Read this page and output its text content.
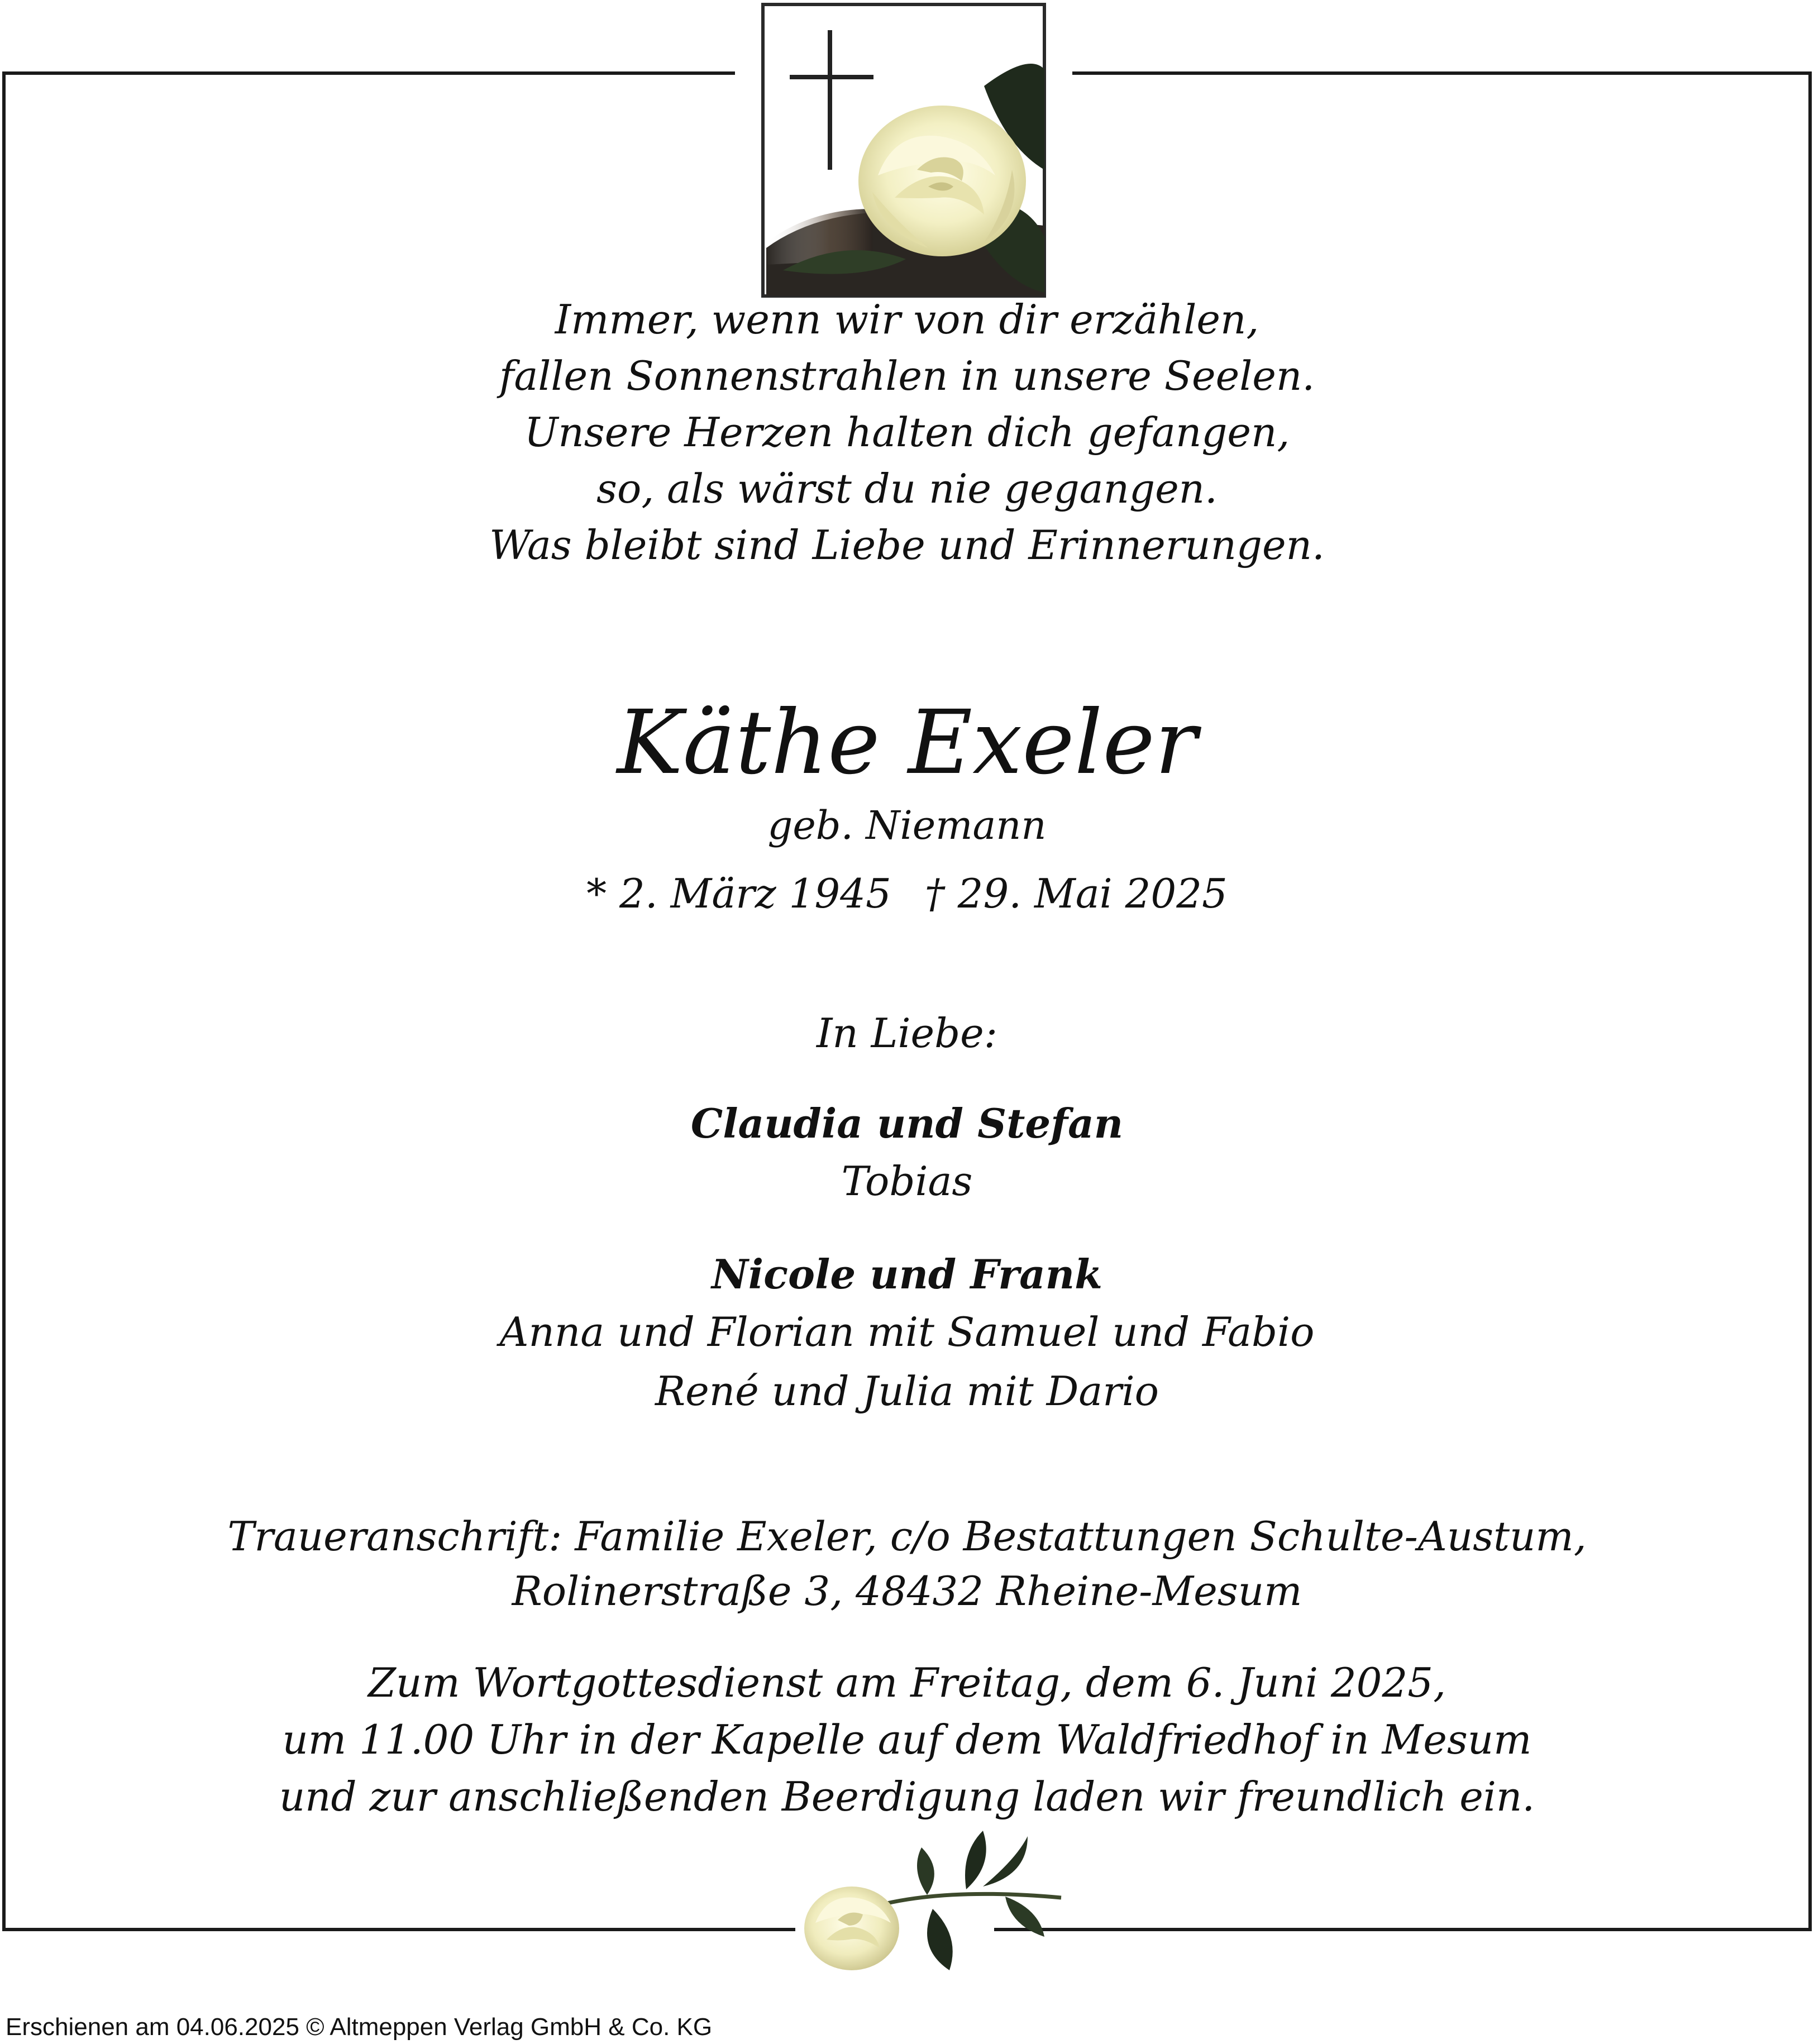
Immer, wenn wir von dir erzählen,
fallen Sonnenstrahlen in unsere Seelen.
Unsere Herzen halten dich gefangen,
so, als wärst du nie gegangen.
Was bleibt sind Liebe und Erinnerungen.
Käthe Exeler
geb. Niemann
* 2. März 1945 † 29. Mai 2025
In Liebe:
Claudia und Stefan
Tobias
Nicole und Frank
Anna und Florian mit Samuel und Fabio
René und Julia mit Dario
Traueranschrift: Familie Exeler, c/o Bestattungen Schulte-Austum,
Rolinerstraße 3, 48432 Rheine-Mesum
Zum Wortgottesdienst am Freitag, dem 6. Juni 2025,
um 11.00 Uhr in der Kapelle auf dem Waldfriedhof in Mesum
und zur anschließenden Beerdigung laden wir freundlich ein.
Erschienen am 04.06.2025 © Altmeppen Verlag GmbH & Co. KG
